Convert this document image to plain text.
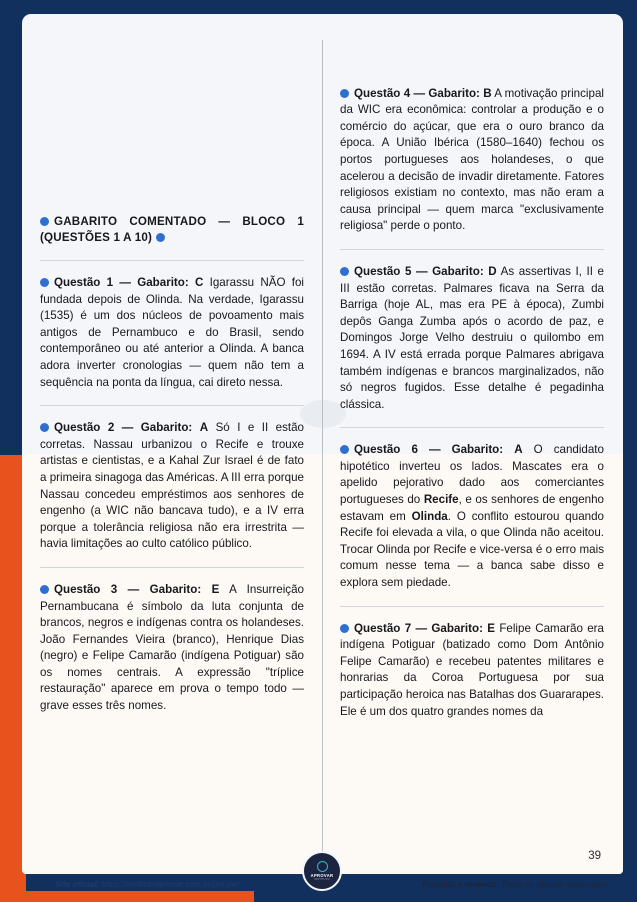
GABARITO COMENTADO — BLOCO 1 (QUESTÕES 1 A 10)

Questão 1 — Gabarito: C Igarassu NÃO foi fundada depois de Olinda. Na verdade, Igarassu (1535) é um dos núcleos de povoamento mais antigos de Pernambuco e do Brasil, sendo contemporâneo ou até anterior a Olinda. A banca adora inverter cronologias — quem não tem a sequência na ponta da língua, cai direto nessa.

Questão 2 — Gabarito: A Só I e II estão corretas. Nassau urbanizou o Recife e trouxe artistas e cientistas, e a Kahal Zur Israel é de fato a primeira sinagoga das Américas. A III erra porque Nassau concedeu empréstimos aos senhores de engenho (a WIC não bancava tudo), e a IV erra porque a tolerância religiosa não era irrestrita — havia limitações ao culto católico público.

Questão 3 — Gabarito: E A Insurreição Pernambucana é símbolo da luta conjunta de brancos, negros e indígenas contra os holandeses. João Fernandes Vieira (branco), Henrique Dias (negro) e Felipe Camarão (indígena Potiguar) são os nomes centrais. A expressão "tríplice restauração" aparece em prova o tempo todo — grave esses três nomes.

Questão 4 — Gabarito: B A motivação principal da WIC era econômica: controlar a produção e o comércio do açúcar, que era o ouro branco da época. A União Ibérica (1580–1640) fechou os portos portugueses aos holandeses, o que acelerou a decisão de invadir diretamente. Fatores religiosos existiam no contexto, mas não eram a causa principal — quem marca "exclusivamente religiosa" perde o ponto.

Questão 5 — Gabarito: D As assertivas I, II e III estão corretas. Palmares ficava na Serra da Barriga (hoje AL, mas era PE à época), Zumbi depôs Ganga Zumba após o acordo de paz, e Domingos Jorge Velho destruiu o quilombo em 1694. A IV está errada porque Palmares abrigava também indígenas e brancos marginalizados, não só negros fugidos. Esse detalhe é pegadinha clássica.

Questão 6 — Gabarito: A O candidato hipotético inverteu os lados. Mascates era o apelido pejorativo dado aos comerciantes portugueses do Recife, e os senhores de engenho estavam em Olinda. O conflito estourou quando Recife foi elevada a vila, o que Olinda não aceitou. Trocar Olinda por Recife e vice-versa é o erro mais comum nesse tema — a banca sabe disso e explora sem piedade.

Questão 7 — Gabarito: E Felipe Camarão era indígena Potiguar (batizado como Dom Antônio Felipe Camarão) e recebeu patentes militares e honrarias da Coroa Portuguesa por sua participação heroica nas Batalhas dos Guararapes. Ele é um dos quatro grandes nomes da

39
Site oficial: https://institutoaprovar.com.br/pm-pe/
APROVAR
INSTITUTO	Proibida a revenda. Todos os direitos reservados.
